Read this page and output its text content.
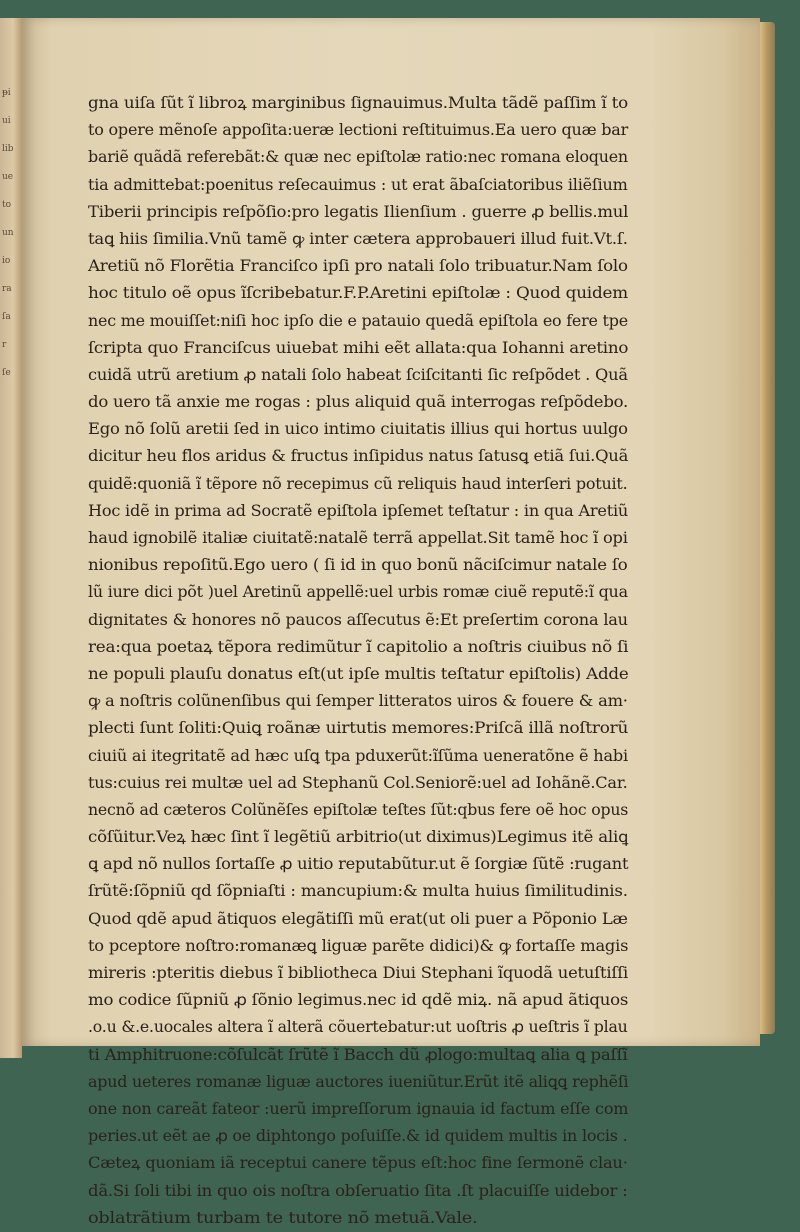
ᵽi
ui
lib
ue
to
un
io
ra
ſa
r
ſe
gna uiſa ſũt ĩ libroꝝ marginibus ſignauimus.Multa tãdẽ paſſim ĩ to
to opere mẽnoſe appoſita:ueræ lectioni reſtituimus.Ea uero quæ bar
bariẽ quãdã referebãt:& quæ nec epiſtolæ ratio:nec romana eloquen
tia admittebat:poenitus reſecauimus : ut erat ãbaſciatoribus iliẽſium
Tiberii principis reſpõſio:pro legatis Ilienſium . guerre ꝓ bellis.mul
taꝗ hiis ſimilia.Vnũ tamẽ ꝙ inter cætera approbaueri illud fuit.Vt.ſ.
Aretiũ nõ Florẽtia Franciſco ipſi pro natali ſolo tribuatur.Nam ſolo
hoc titulo oẽ opus ĩſcribebatur.F.P.Aretini epiſtolæ : Quod quidem
nec me mouiſſet:niſi hoc ipſo die e patauio quedã epiſtola eo fere tpe
ſcripta quo Franciſcus uiuebat mihi eẽt allata:qua Iohanni aretino
cuidã utrũ aretium ꝓ natali ſolo habeat ſciſcitanti ſic reſpõdet . Quã
do uero tã anxie me rogas : plus aliquid quã interrogas reſpõdebo.
Ego nõ ſolũ aretii ſed in uico intimo ciuitatis illius qui hortus uulgo
dicitur heu flos aridus & fructus inſipidus natus ſatusꝗ etiã ſui.Quã
quidẽ:quoniã ĩ tẽpore nõ recepimus cũ reliquis haud interſeri potuit.
Hoc idẽ in prima ad Socratẽ epiſtola ipſemet teſtatur : in qua Aretiũ
haud ignobilẽ italiæ ciuitatẽ:natalẽ terrã appellat.Sit tamẽ hoc ĩ opi
nionibus repoſitũ.Ego uero ( ſi id in quo bonũ nãciſcimur natale ſo
lũ iure dici põt )uel Aretinũ appellẽ:uel urbis romæ ciuẽ reputẽ:ĩ qua
dignitates & honores nõ paucos aſſecutus ẽ:Et preſertim corona lau
rea:qua poetaꝝ tẽpora redimũtur ĩ capitolio a noſtris ciuibus nõ ſi
ne populi plauſu donatus eſt(ut ipſe multis teſtatur epiſtolis) Adde
ꝙ a noſtris colũnenſibus qui ſemper litteratos uiros & fouere & am·
plecti ſunt ſoliti:Quiꝗ roãnæ uirtutis memores:Priſcã illã noſtrorũ
ciuiũ ai itegritatẽ ad hæc uſꝗ tpa pduxerũt:ĩſũma ueneratõne ẽ habi
tus:cuius rei multæ uel ad Stephanũ Col.Seniorẽ:uel ad Iohãnẽ.Car.
necnõ ad cæteros Colũnẽſes epiſtolæ teſtes ſũt:qbus fere oẽ hoc opus
cõſũitur.Veꝝ hæc ſint ĩ legẽtiũ arbitrio(ut diximus)Legimus itẽ aliꝗ
ꝗ apd nõ nullos ſortaſſe ꝓ uitio reputabũtur.ut ẽ ſorgiæ ſũtẽ :rugant
ſrũtẽ:ſõpniũ qd ſõpniaſti : mancupium:& multa huius ſimilitudinis.
Quod qdẽ apud ãtiquos elegãtiſſi mũ erat(ut oli puer a Põponio Læ
to pceptore noſtro:romanæꝗ liguæ parẽte didici)& ꝙ fortaſſe magis
mireris :pteritis diebus ĩ bibliotheca Diui Stephani ĩquodã uetuſtiſſi
mo codice ſũpniũ ꝓ ſõnio legimus.nec id qdẽ miꝝ. nã apud ãtiquos
.o.u &.e.uocales altera ĩ alterã cõuertebatur:ut uoſtris ꝓ ueſtris ĩ plau
ti Amphitruone:cõſulcãt ſrũtẽ ĩ Bacch dũ ꝓlogo:multaꝗ alia ꝗ paſſĩ
apud ueteres romanæ liguæ auctores iueniũtur.Erũt itẽ aliꝗꝗ rephẽſi
one non careãt fateor :uerũ impreſſorum ignauia id factum eſſe com
peries.ut eẽt ae ꝓ oe diphtongo poſuiſſe.& id quidem multis in locis .
Cæteꝝ quoniam iã receptui canere tẽpus eſt:hoc fine ſermonẽ clau·
dã.Si ſoli tibi in quo ois noſtra obſeruatio ſita .ſt placuiſſe uidebor :
oblatrãtium turbam te tutore nõ metuã.Vale.
